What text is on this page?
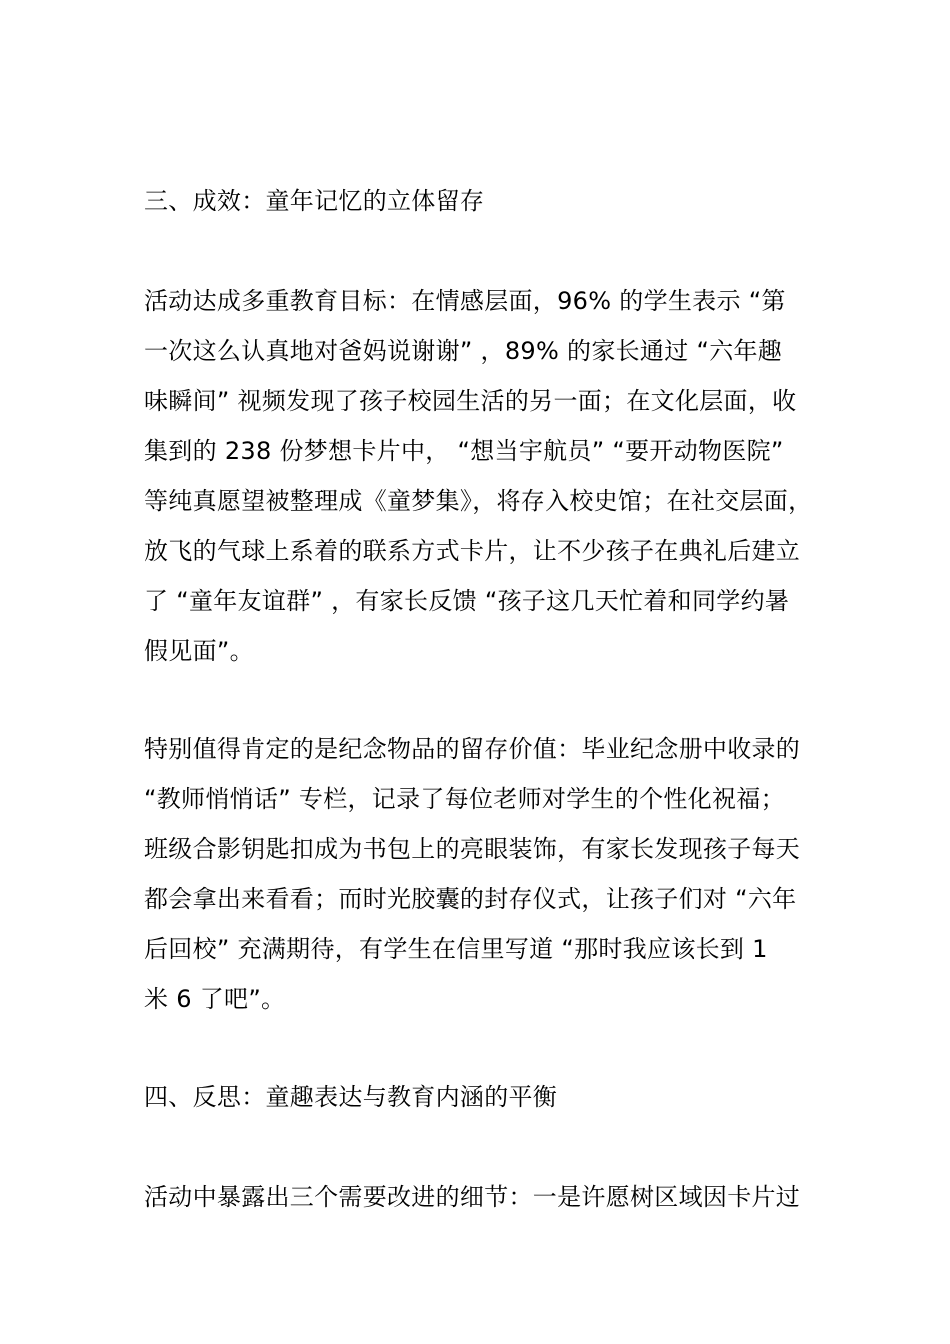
三、成效：童年记忆的立体留存
活动达成多重教育目标：在情感层面，96% 的学生表示 “第
一次这么认真地对爸妈说谢谢” ，89% 的家长通过 “六年趣
味瞬间” 视频发现了孩子校园生活的另一面；在文化层面，收
集到的 238 份梦想卡片中， “想当宇航员” “要开动物医院”
等纯真愿望被整理成《童梦集》，将存入校史馆；在社交层面，
放飞的气球上系着的联系方式卡片，让不少孩子在典礼后建立
了 “童年友谊群” ，有家长反馈 “孩子这几天忙着和同学约暑
假见面”。
特别值得肯定的是纪念物品的留存价值：毕业纪念册中收录的
“教师悄悄话” 专栏，记录了每位老师对学生的个性化祝福；
班级合影钥匙扣成为书包上的亮眼装饰，有家长发现孩子每天
都会拿出来看看；而时光胶囊的封存仪式，让孩子们对 “六年
后回校” 充满期待，有学生在信里写道 “那时我应该长到 1
米 6 了吧”。
四、反思：童趣表达与教育内涵的平衡
活动中暴露出三个需要改进的细节：一是许愿树区域因卡片过
